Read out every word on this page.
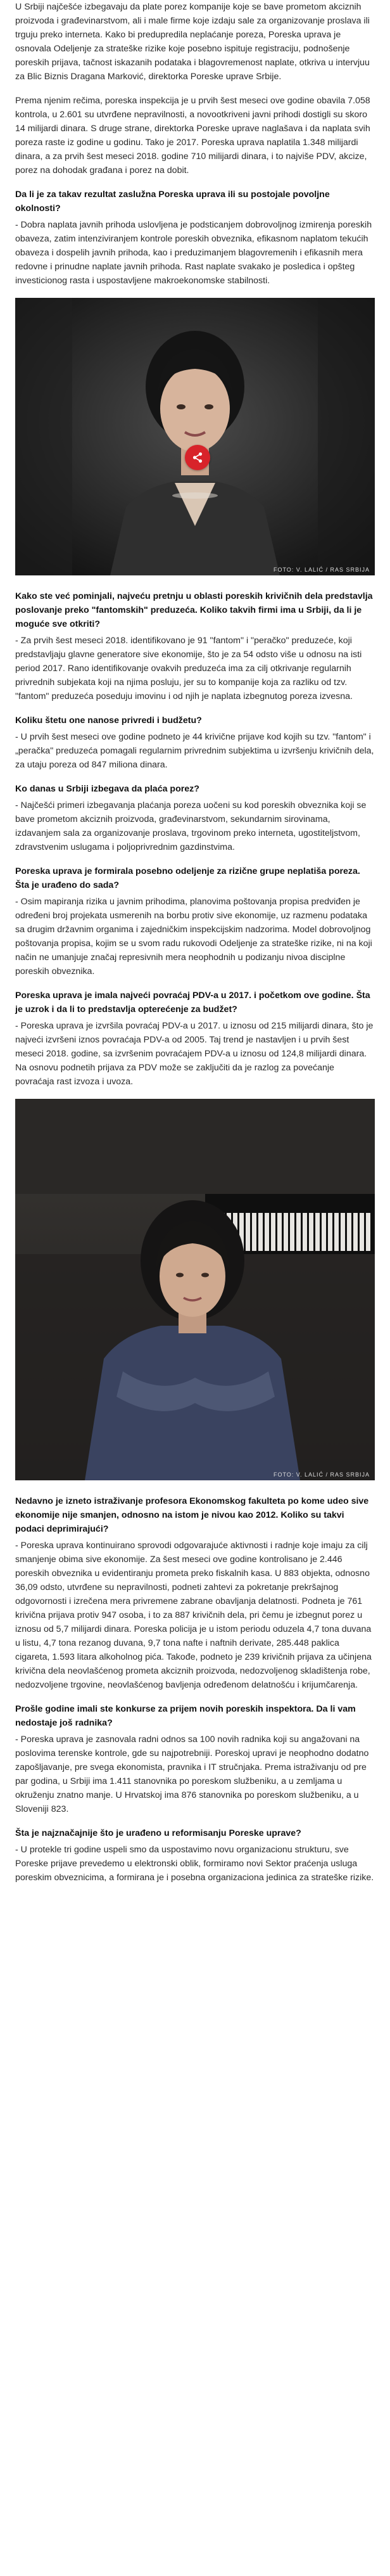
U Srbiji najčešće izbegavaju da plate porez kompanije koje se bave prometom akciznih proizvoda i građevinarstvom, ali i male firme koje izdaju sale za organizovanje proslava ili trguju preko interneta. Kako bi predupredila neplaćanje poreza, Poreska uprava je osnovala Odeljenje za strateške rizike koje posebno ispituje registraciju, podnošenje poreskih prijava, tačnost iskazanih podataka i blagovremenost naplate, otkriva u intervjuu za Blic Biznis Dragana Marković, direktorka Poreske uprave Srbije.

Prema njenim rečima, poreska inspekcija je u prvih šest meseci ove godine obavila 7.058 kontrola, u 2.601 su utvrđene nepravilnosti, a novootkriveni javni prihodi dostigli su skoro 14 milijardi dinara. S druge strane, direktorka Poreske uprave naglašava i da naplata svih poreza raste iz godine u godinu. Tako je 2017. Poreska uprava naplatila 1.348 milijardi dinara, a za prvih šest meseci 2018. godine 710 milijardi dinara, i to najviše PDV, akcize, porez na dohodak građana i porez na dobit.

Da li je za takav rezultat zaslužna Poreska uprava ili su postojale povoljne okolnosti?

- Dobra naplata javnih prihoda uslovljena je podsticanjem dobrovoljnog izmirenja poreskih obaveza, zatim intenziviranjem kontrole poreskih obveznika, efikasnom naplatom tekućih obaveza i dospelih javnih prihoda, kao i preduzimanjem blagovremenih i efikasnih mera redovne i prinudne naplate javnih prihoda. Rast naplate svakako je posledica i opšteg investicionog rasta i uspostavljene makroekonomske stabilnosti.

FOTO: V. LALIĆ / RAS SRBIJA

Kako ste već pominjali, najveću pretnju u oblasti poreskih krivičnih dela predstavlja poslovanje preko "fantomskih" preduzeća. Koliko takvih firmi ima u Srbiji, da li je moguće sve otkriti?

- Za prvih šest meseci 2018. identifikovano je 91 "fantom" i "peračko" preduzeće, koji predstavljaju glavne generatore sive ekonomije, što je za 54 odsto više u odnosu na isti period 2017. Rano identifikovanje ovakvih preduzeća ima za cilj otkrivanje regularnih privrednih subjekata koji na njima posluju, jer su to kompanije koja za razliku od tzv. "fantom" preduzeća poseduju imovinu i od njih je naplata izbegnutog poreza izvesna.

Koliku štetu one nanose privredi i budžetu?

- U prvih šest meseci ove godine podneto je 44 krivične prijave kod kojih su tzv. "fantom" i „peračka" preduzeća pomagali regularnim privrednim subjektima u izvršenju krivičnih dela, za utaju poreza od 847 miliona dinara.

Ko danas u Srbiji izbegava da plaća porez?

- Najčešći primeri izbegavanja plaćanja poreza uočeni su kod poreskih obveznika koji se bave prometom akciznih proizvoda, građevinarstvom, sekundarnim sirovinama, izdavanjem sala za organizovanje proslava, trgovinom preko interneta, ugostiteljstvom, zdravstvenim uslugama i poljoprivrednim gazdinstvima.

Poreska uprava je formirala posebno odeljenje za rizične grupe neplatiša poreza. Šta je urađeno do sada?

- Osim mapiranja rizika u javnim prihodima, planovima poštovanja propisa predviđen je određeni broj projekata usmerenih na borbu protiv sive ekonomije, uz razmenu podataka sa drugim državnim organima i zajedničkim inspekcijskim nadzorima. Model dobrovoljnog poštovanja propisa, kojim se u svom radu rukovodi Odeljenje za strateške rizike, ni na koji način ne umanjuje značaj represivnih mera neophodnih u podizanju nivoa disciplne poreskih obveznika.

Poreska uprava je imala najveći povraćaj PDV-a u 2017. i početkom ove godine. Šta je uzrok i da li to predstavlja opterećenje za budžet?

- Poreska uprava je izvršila povraćaj PDV-a u 2017. u iznosu od 215 milijardi dinara, što je najveći izvršeni iznos povraćaja PDV-a od 2005. Taj trend je nastavljen i u prvih šest meseci 2018. godine, sa izvršenim povraćajem PDV-a u iznosu od 124,8 milijardi dinara. Na osnovu podnetih prijava za PDV može se zaključiti da je razlog za povećanje povraćaja rast izvoza i uvoza.

FOTO: V. LALIĆ / RAS SRBIJA

Nedavno je izneto istraživanje profesora Ekonomskog fakulteta po kome udeo sive ekonomije nije smanjen, odnosno na istom je nivou kao 2012. Koliko su takvi podaci deprimirajući?

- Poreska uprava kontinuirano sprovodi odgovarajuće aktivnosti i radnje koje imaju za cilj smanjenje obima sive ekonomije. Za šest meseci ove godine kontrolisano je 2.446 poreskih obveznika u evidentiranju prometa preko fiskalnih kasa. U 883 objekta, odnosno 36,09 odsto, utvrđene su nepravilnosti, podneti zahtevi za pokretanje prekršajnog odgovornosti i izrečena mera privremene zabrane obavljanja delatnosti. Podneta je 761 krivična prijava protiv 947 osoba, i to za 887 krivičnih dela, pri čemu je izbegnut porez u iznosu od 5,7 milijardi dinara. Poreska policija je u istom periodu oduzela 4,7 tona duvana u listu, 4,7 tona rezanog duvana, 9,7 tona nafte i naftnih derivate, 285.448 paklica cigareta, 1.593 litara alkoholnog pića. Takođe, podneto je 239 krivičnih prijava za učinjena krivična dela neovlašćenog prometa akciznih proizvoda, nedozvoljenog skladištenja robe, nedozvoljene trgovine, neovlašćenog bavljenja određenom delatnošću i krijumčarenja.

Prošle godine imali ste konkurse za prijem novih poreskih inspektora. Da li vam nedostaje još radnika?

- Poreska uprava je zasnovala radni odnos sa 100 novih radnika koji su angažovani na poslovima terenske kontrole, gde su najpotrebniji. Poreskoj upravi je neophodno dodatno zapošljavanje, pre svega ekonomista, pravnika i IT stručnjaka. Prema istraživanju od pre par godina, u Srbiji ima 1.411 stanovnika po poreskom službeniku, a u zemljama u okruženju znatno manje. U Hrvatskoj ima 876 stanovnika po poreskom službeniku, a u Sloveniji 823.

Šta je najznačajnije što je urađeno u reformisanju Poreske uprave?

- U protekle tri godine uspeli smo da uspostavimo novu organizacionu strukturu, sve Poreske prijave prevedemo u elektronski oblik, formiramo novi Sektor praćenja usluga poreskim obveznicima, a formirana je i posebna organizaciona jedinica za strateške rizike.
